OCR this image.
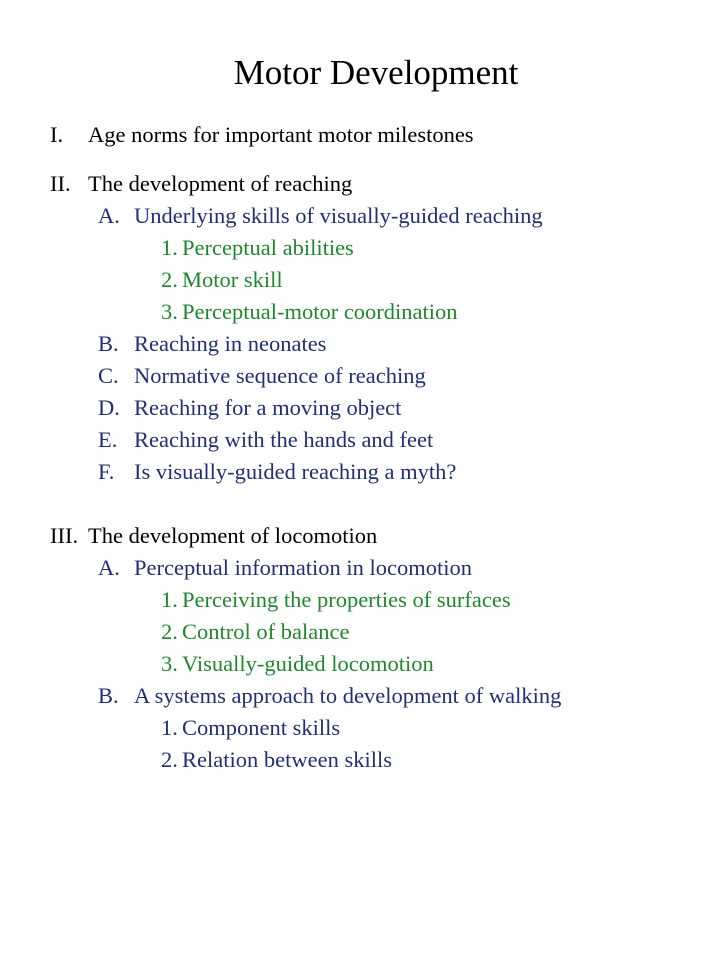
Motor Development
I. Age norms for important motor milestones
II. The development of reaching
A. Underlying skills of visually-guided reaching
1. Perceptual abilities
2. Motor skill
3. Perceptual-motor coordination
B. Reaching in neonates
C. Normative sequence of reaching
D. Reaching for a moving object
E. Reaching with the hands and feet
F. Is visually-guided reaching a myth?
III. The development of locomotion
A. Perceptual information in locomotion
1. Perceiving the properties of surfaces
2. Control of balance
3. Visually-guided locomotion
B. A systems approach to development of walking
1. Component skills
2. Relation between skills
